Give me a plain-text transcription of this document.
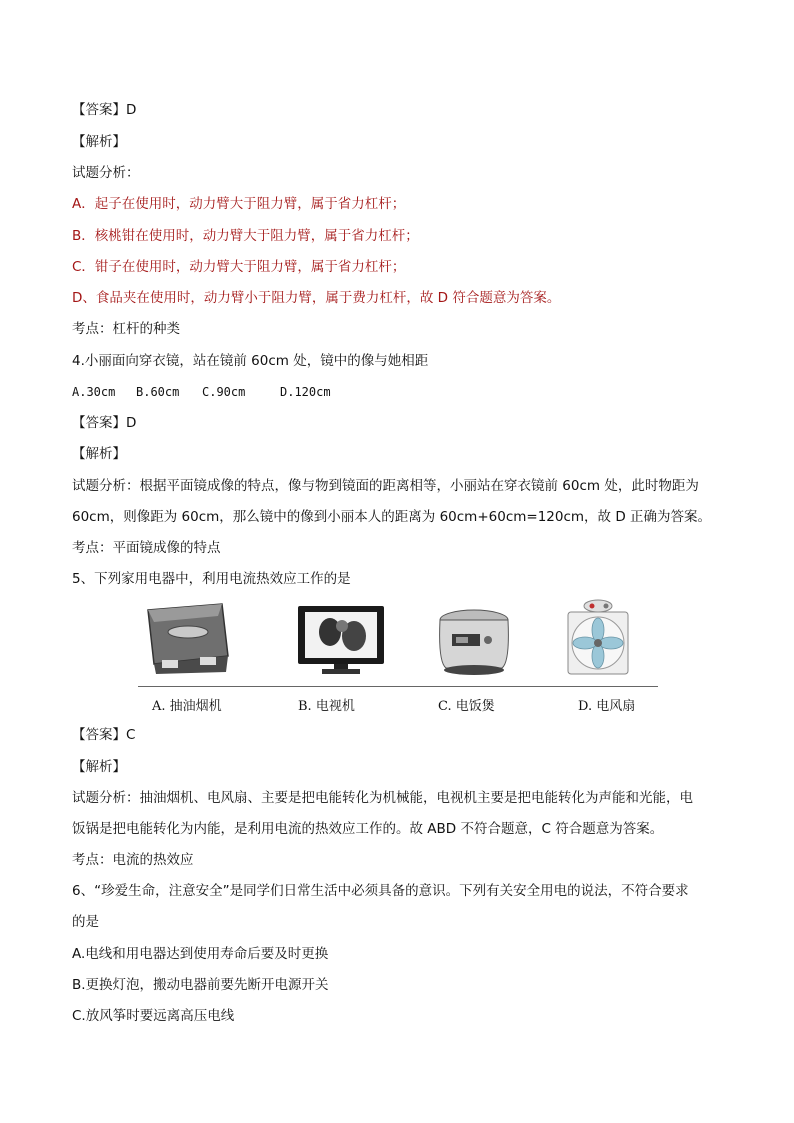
【答案】D
【解析】
试题分析：
A．起子在使用时，动力臂大于阻力臂，属于省力杠杆；
B．核桃钳在使用时，动力臂大于阻力臂，属于省力杠杆；
C．钳子在使用时，动力臂大于阻力臂，属于省力杠杆；
D、食品夹在使用时，动力臂小于阻力臂，属于费力杠杆，故 D 符合题意为答案。
考点：杠杆的种类
4.小丽面向穿衣镜，站在镜前 60cm 处，镜中的像与她相距
A.30cm B.60cm C.90cm	D.120cm
【答案】D
【解析】
试题分析：根据平面镜成像的特点，像与物到镜面的距离相等，小丽站在穿衣镜前 60cm 处，此时物距为
60cm，则像距为 60cm，那么镜中的像到小丽本人的距离为 60cm+60cm=120cm，故 D 正确为答案。
考点：平面镜成像的特点
5、下列家用电器中，利用电流热效应工作的是
A. 抽油烟机	B. 电视机	C. 电饭煲	D. 电风扇
【答案】C
【解析】
试题分析：抽油烟机、电风扇、主要是把电能转化为机械能，电视机主要是把电能转化为声能和光能，电
饭锅是把电能转化为内能，是利用电流的热效应工作的。故 ABD 不符合题意，C 符合题意为答案。
考点：电流的热效应
6、“珍爱生命，注意安全”是同学们日常生活中必须具备的意识。下列有关安全用电的说法，不符合要求
的是
A.电线和用电器达到使用寿命后要及时更换
B.更换灯泡，搬动电器前要先断开电源开关
C.放风筝时要远离高压电线
